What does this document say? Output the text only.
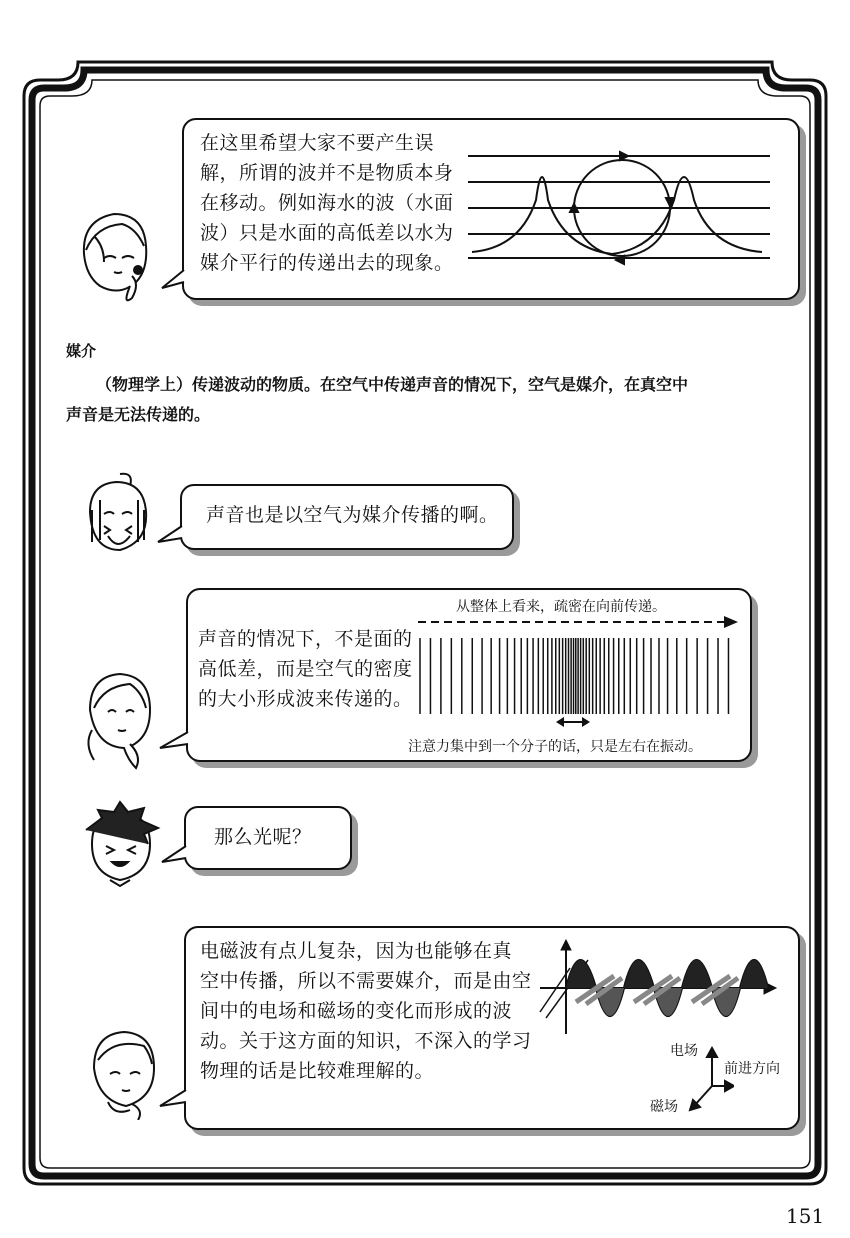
在这里希望大家不要产生误
解，所谓的波并不是物质本身
在移动。例如海水的波（水面
波）只是水面的高低差以水为
媒介平行的传递出去的现象。
媒介
（物理学上）传递波动的物质。在空气中传递声音的情况下，空气是媒介，在真空中
声音是无法传递的。
声音也是以空气为媒介传播的啊。
声音的情况下，不是面的
高低差，而是空气的密度
的大小形成波来传递的。
从整体上看来，疏密在向前传递。
注意力集中到一个分子的话，只是左右在振动。
那么光呢？
电磁波有点儿复杂，因为也能够在真
空中传播，所以不需要媒介，而是由空
间中的电场和磁场的变化而形成的波
动。关于这方面的知识，不深入的学习
物理的话是比较难理解的。
电场
前进方向
磁场
151
